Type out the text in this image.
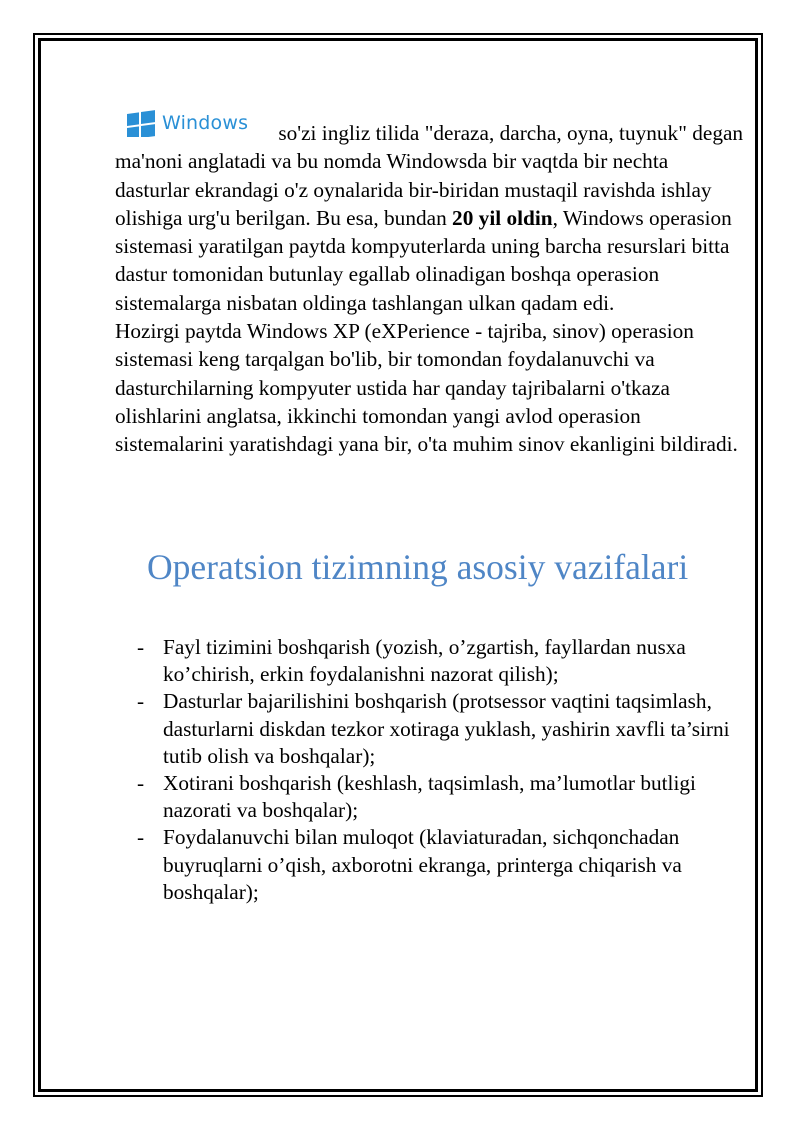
Windows so'zi ingliz tilida "deraza, darcha, oyna, tuynuk" degan ma'noni anglatadi va bu nomda Windowsda bir vaqtda bir nechta dasturlar ekrandagi o'z oynalarida bir-biridan mustaqil ravishda ishlay olishiga urg'u berilgan. Bu esa, bundan 20 yil oldin, Windows operasion sistemasi yaratilgan paytda kompyuterlarda uning barcha resurslari bitta dastur tomonidan butunlay egallab olinadigan boshqa operasion sistemalarga nisbatan oldinga tashlangan ulkan qadam edi.

Hozirgi paytda Windows XP (eXPerience - tajriba, sinov) operasion sistemasi keng tarqalgan bo'lib, bir tomondan foydalanuvchi va dasturchilarning kompyuter ustida har qanday tajribalarni o'tkaza olishlarini anglatsa, ikkinchi tomondan yangi avlod operasion sistemalarini yaratishdagi yana bir, o'ta muhim sinov ekanligini bildiradi.

Operatsion tizimning asosiy vazifalari
- Fayl tizimini boshqarish (yozish, o’zgartish, fayllardan nusxa ko’chirish, erkin foydalanishni nazorat qilish);
- Dasturlar bajarilishini boshqarish (protsessor vaqtini taqsimlash, dasturlarni diskdan tezkor xotiraga yuklash, yashirin xavfli ta’sirni tutib olish va boshqalar);
- Xotirani boshqarish (keshlash, taqsimlash, ma’lumotlar butligi nazorati va boshqalar);
- Foydalanuvchi bilan muloqot (klaviaturadan, sichqonchadan buyruqlarni o’qish, axborotni ekranga, printerga chiqarish va boshqalar);
